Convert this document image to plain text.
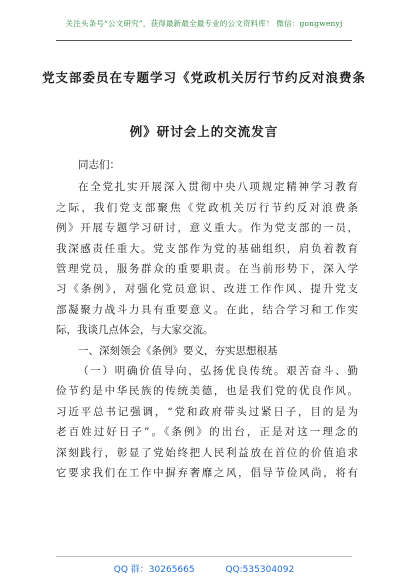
关注头条号“公文研究”，获得最新最全最专业的公文资料库！ 微信：gongwenyj
党支部委员在专题学习《党政机关厉行节约反对浪费条
例》研讨会上的交流发言
同志们：
在全党扎实开展深入贯彻中央八项规定精神学习教育
之际，我们党支部聚焦《党政机关厉行节约反对浪费条
例》开展专题学习研讨，意义重大。作为党支部的一员，
我深感责任重大。党支部作为党的基础组织，肩负着教育
管理党员，服务群众的重要职责。在当前形势下，深入学
习《条例》，对强化党员意识、改进工作作风、提升党支
部凝聚力战斗力具有重要意义。在此，结合学习和工作实
际，我谈几点体会，与大家交流。
一、深刻领会《条例》要义，夯实思想根基
（一）明确价值导向，弘扬优良传统。艰苦奋斗、勤
俭节约是中华民族的传统美德，也是我们党的优良作风。
习近平总书记强调，“党和政府带头过紧日子，目的是为
老百姓过好日子”。《条例》的出台，正是对这一理念的
深刻践行，彰显了党始终把人民利益放在首位的价值追求
它要求我们在工作中摒弃奢靡之风，倡导节俭风尚，将有
QQ 群：30265665	QQ:535304092
